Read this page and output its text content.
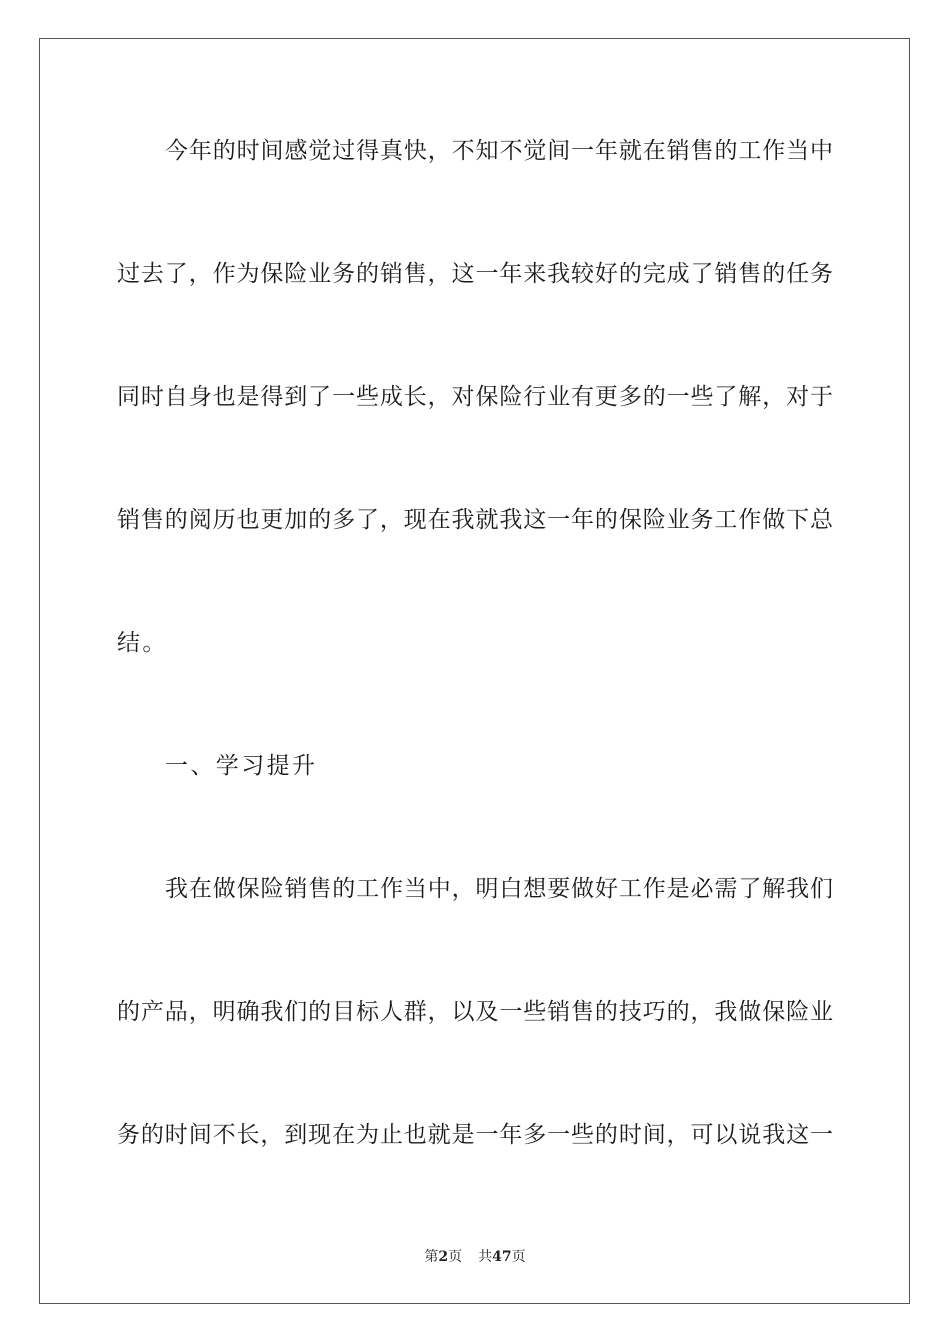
今年的时间感觉过得真快，不知不觉间一年就在销售的工作当中
过去了，作为保险业务的销售，这一年来我较好的完成了销售的任务
同时自身也是得到了一些成长，对保险行业有更多的一些了解，对于
销售的阅历也更加的多了，现在我就我这一年的保险业务工作做下总
结。
一、学习提升
我在做保险销售的工作当中，明白想要做好工作是必需了解我们
的产品，明确我们的目标人群，以及一些销售的技巧的，我做保险业
务的时间不长，到现在为止也就是一年多一些的时间，可以说我这一
第2页 共47页
